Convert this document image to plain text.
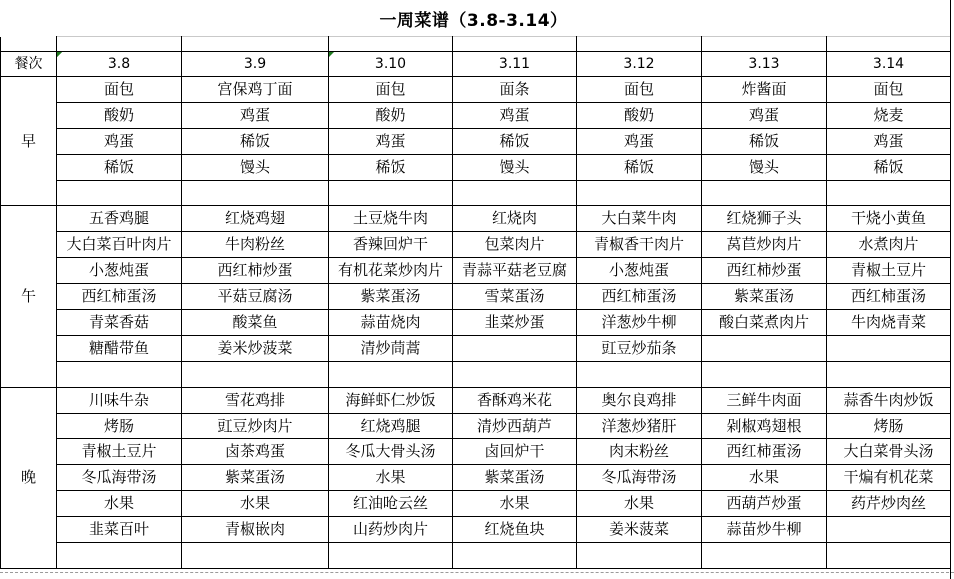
一周菜谱（3.8-3.14）

餐次	3.8	3.9	3.10	3.11	3.12	3.13	3.14
早	面包	宫保鸡丁面	面包	面条	面包	炸酱面	面包
	酸奶	鸡蛋	酸奶	鸡蛋	酸奶	鸡蛋	烧麦
	鸡蛋	稀饭	鸡蛋	稀饭	鸡蛋	稀饭	鸡蛋
	稀饭	馒头	稀饭	馒头	稀饭	馒头	稀饭

午	五香鸡腿	红烧鸡翅	土豆烧牛肉	红烧肉	大白菜牛肉	红烧狮子头	干烧小黄鱼
	大白菜百叶肉片	牛肉粉丝	香辣回炉干	包菜肉片	青椒香干肉片	莴苣炒肉片	水煮肉片
	小葱炖蛋	西红柿炒蛋	有机花菜炒肉片	青蒜平菇老豆腐	小葱炖蛋	西红柿炒蛋	青椒土豆片
	西红柿蛋汤	平菇豆腐汤	紫菜蛋汤	雪菜蛋汤	西红柿蛋汤	紫菜蛋汤	西红柿蛋汤
	青菜香菇	酸菜鱼	蒜苗烧肉	韭菜炒蛋	洋葱炒牛柳	酸白菜煮肉片	牛肉烧青菜
	糖醋带鱼	姜米炒菠菜	清炒茼蒿		豇豆炒茄条		

晚	川味牛杂	雪花鸡排	海鲜虾仁炒饭	香酥鸡米花	奥尔良鸡排	三鲜牛肉面	蒜香牛肉炒饭
	烤肠	豇豆炒肉片	红烧鸡腿	清炒西葫芦	洋葱炒猪肝	剁椒鸡翅根	烤肠
	青椒土豆片	卤茶鸡蛋	冬瓜大骨头汤	卤回炉干	肉末粉丝	西红柿蛋汤	大白菜骨头汤
	冬瓜海带汤	紫菜蛋汤	水果	紫菜蛋汤	冬瓜海带汤	水果	干煸有机花菜
	水果	水果	红油呛云丝	水果	水果	西葫芦炒蛋	药芹炒肉丝
	韭菜百叶	青椒嵌肉	山药炒肉片	红烧鱼块	姜米菠菜	蒜苗炒牛柳	
